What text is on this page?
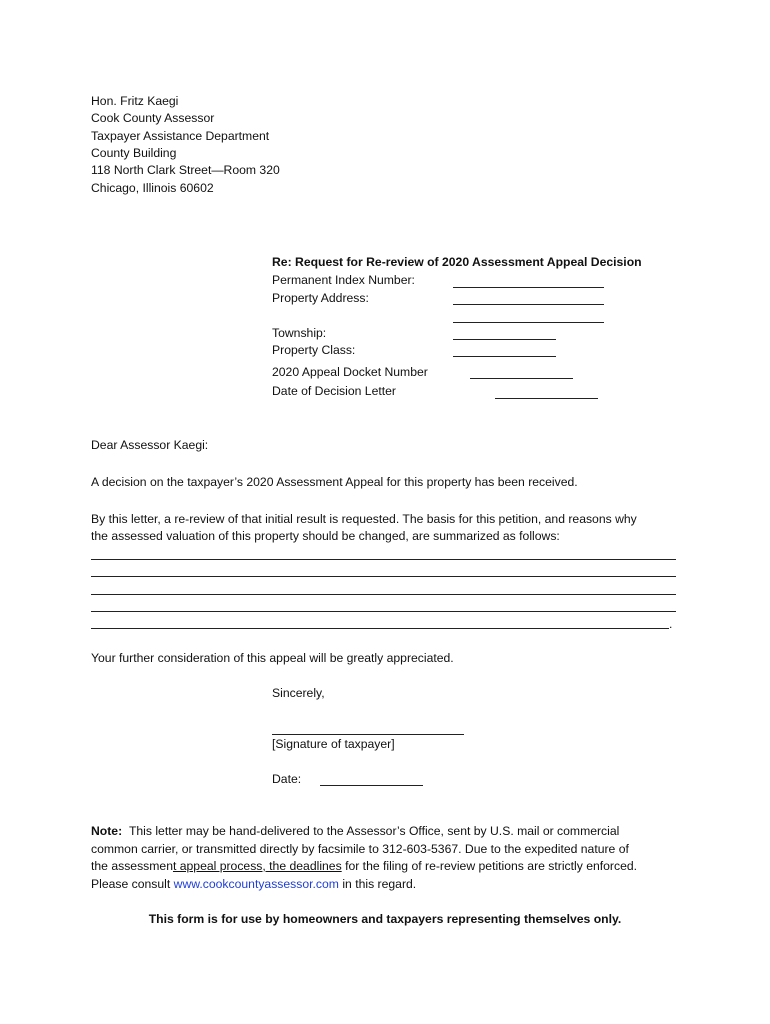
Hon. Fritz Kaegi
Cook County Assessor
Taxpayer Assistance Department
County Building
118 North Clark Street—Room 320
Chicago, Illinois 60602
Re: Request for Re-review of 2020 Assessment Appeal Decision
Permanent Index Number:
Property Address:
Township:
Property Class:
2020 Appeal Docket Number
Date of Decision Letter
Dear Assessor Kaegi:
A decision on the taxpayer’s 2020 Assessment Appeal for this property has been received.
By this letter, a re-review of that initial result is requested. The basis for this petition, and reasons why
the assessed valuation of this property should be changed, are summarized as follows:
.
Your further consideration of this appeal will be greatly appreciated.
Sincerely,
[Signature of taxpayer]
Date:
Note: This letter may be hand-delivered to the Assessor’s Office, sent by U.S. mail or commercial
common carrier, or transmitted directly by facsimile to 312-603-5367. Due to the expedited nature of
the assessment appeal process, the deadlines for the filing of re-review petitions are strictly enforced.
Please consult www.cookcountyassessor.com in this regard.
This form is for use by homeowners and taxpayers representing themselves only.
